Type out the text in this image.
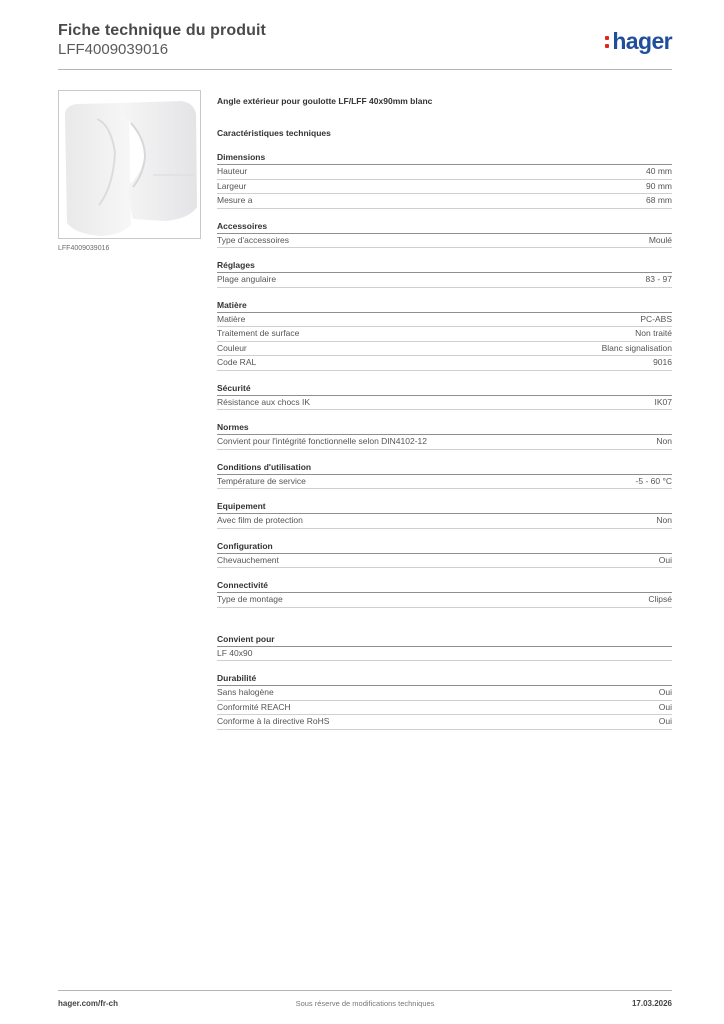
Fiche technique du produit
LFF4009039016	hager
LFF4009039016
Angle extérieur pour goulotte LF/LFF 40x90mm blanc
Caractéristiques techniques
Dimensions
Hauteur	40 mm
Largeur	90 mm
Mesure a	68 mm
Accessoires
Type d'accessoires	Moulé
Réglages
Plage angulaire	83 - 97
Matière
Matière	PC-ABS
Traitement de surface	Non traité
Couleur	Blanc signalisation
Code RAL	9016
Sécurité
Résistance aux chocs IK	IK07
Normes
Convient pour l'intégrité fonctionnelle selon DIN4102-12	Non
Conditions d'utilisation
Température de service	-5 - 60 °C
Equipement
Avec film de protection	Non
Configuration
Chevauchement	Oui
Connectivité
Type de montage	Clipsé
Convient pour
LF 40x90
Durabilité
Sans halogène	Oui
Conformité REACH	Oui
Conforme à la directive RoHS	Oui
hager.com/fr-ch	Sous réserve de modifications techniques	17.03.2026
